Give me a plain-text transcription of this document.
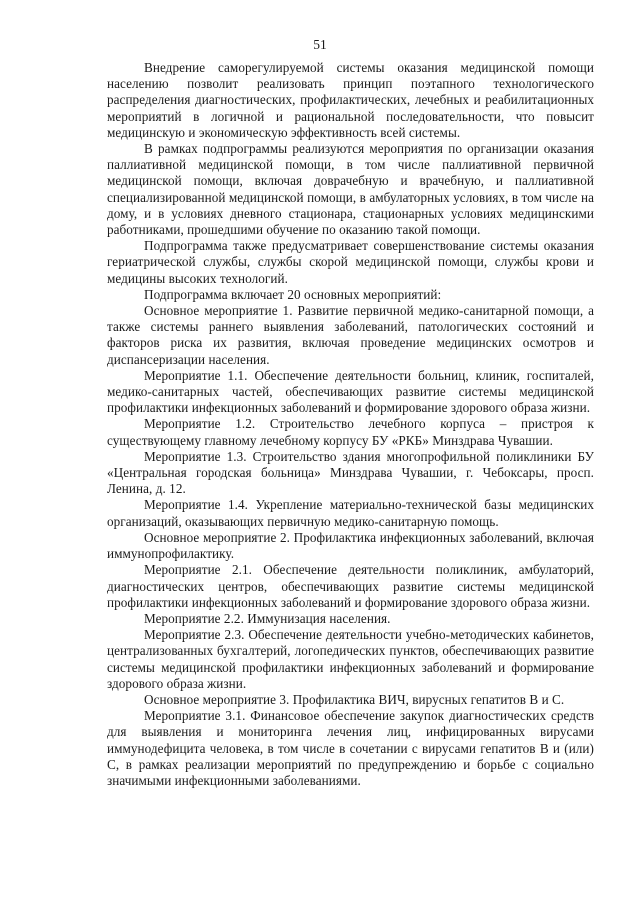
51

Внедрение саморегулируемой системы оказания медицинской помощи населению позволит реализовать принцип поэтапного технологического распределения диагностических, профилактических, лечебных и реабилитационных мероприятий в логичной и рациональной последовательности, что повысит медицинскую и экономическую эффективность всей системы.

В рамках подпрограммы реализуются мероприятия по организации оказания паллиативной медицинской помощи, в том числе паллиативной первичной медицинской помощи, включая доврачебную и врачебную, и паллиативной специализированной медицинской помощи, в амбулаторных условиях, в том числе на дому, и в условиях дневного стационара, стационарных условиях медицинскими работниками, прошедшими обучение по оказанию такой помощи.

Подпрограмма также предусматривает совершенствование системы оказания гериатрической службы, службы скорой медицинской помощи, службы крови и медицины высоких технологий.

Подпрограмма включает 20 основных мероприятий:

Основное мероприятие 1. Развитие первичной медико-санитарной помощи, а также системы раннего выявления заболеваний, патологических состояний и факторов риска их развития, включая проведение медицинских осмотров и диспансеризации населения.

Мероприятие 1.1. Обеспечение деятельности больниц, клиник, госпиталей, медико-санитарных частей, обеспечивающих развитие системы медицинской профилактики инфекционных заболеваний и формирование здорового образа жизни.

Мероприятие 1.2. Строительство лечебного корпуса – пристроя к существующему главному лечебному корпусу БУ «РКБ» Минздрава Чувашии.

Мероприятие 1.3. Строительство здания многопрофильной поликлиники БУ «Центральная городская больница» Минздрава Чувашии, г. Чебоксары, просп. Ленина, д. 12.

Мероприятие 1.4. Укрепление материально-технической базы медицинских организаций, оказывающих первичную медико-санитарную помощь.

Основное мероприятие 2. Профилактика инфекционных заболеваний, включая иммунопрофилактику.

Мероприятие 2.1. Обеспечение деятельности поликлиник, амбулаторий, диагностических центров, обеспечивающих развитие системы медицинской профилактики инфекционных заболеваний и формирование здорового образа жизни.

Мероприятие 2.2. Иммунизация населения.

Мероприятие 2.3. Обеспечение деятельности учебно-методических кабинетов, централизованных бухгалтерий, логопедических пунктов, обеспечивающих развитие системы медицинской профилактики инфекционных заболеваний и формирование здорового образа жизни.

Основное мероприятие 3. Профилактика ВИЧ, вирусных гепатитов В и С.

Мероприятие 3.1. Финансовое обеспечение закупок диагностических средств для выявления и мониторинга лечения лиц, инфицированных вирусами иммунодефицита человека, в том числе в сочетании с вирусами гепатитов В и (или) С, в рамках реализации мероприятий по предупреждению и борьбе с социально значимыми инфекционными заболеваниями.
